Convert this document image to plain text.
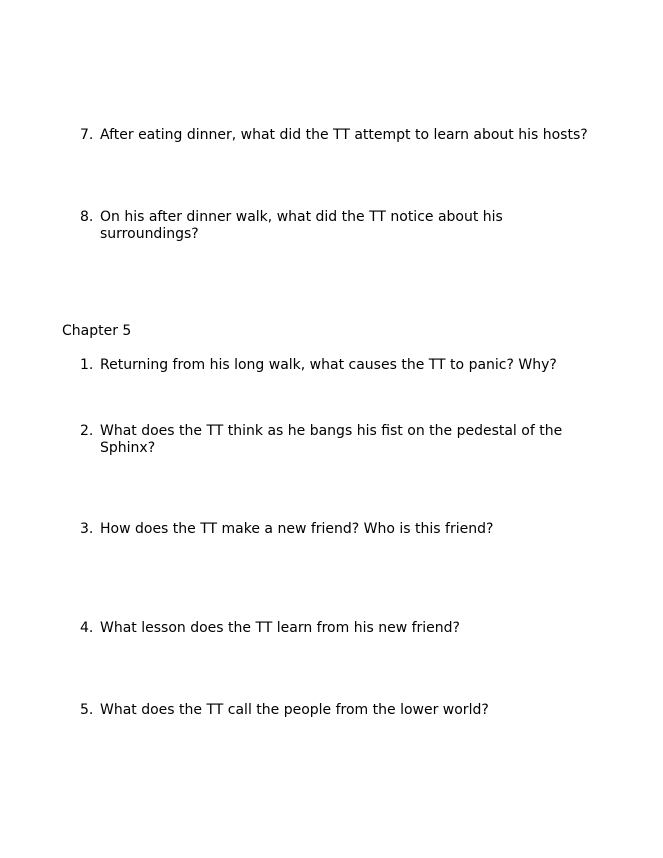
7. After eating dinner, what did the TT attempt to learn about his hosts?
8. On his after dinner walk, what did the TT notice about his surroundings?
Chapter 5
1. Returning from his long walk, what causes the TT to panic? Why?
2. What does the TT think as he bangs his fist on the pedestal of the Sphinx?
3. How does the TT make a new friend? Who is this friend?
4. What lesson does the TT learn from his new friend?
5. What does the TT call the people from the lower world?
